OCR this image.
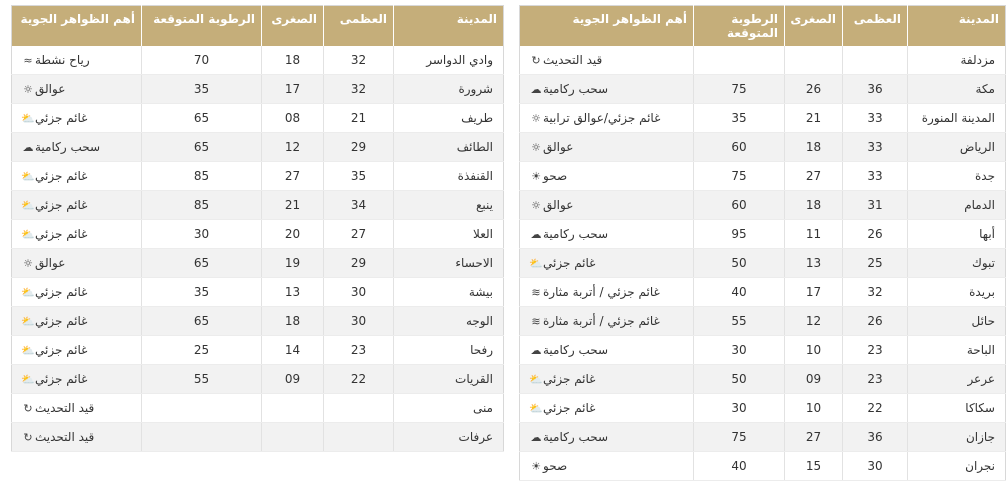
المدينة	العظمى	الصغرى	الرطوبة المتوقعة	أهم الظواهر الجوية
مزدلفة				قيد التحديث↻
مكة	36	26	75	سحب ركامية☁
المدينة المنورة	33	21	35	غائم جزئي/عوالق ترابية☼
الرياض	33	18	60	عوالق☼
جدة	33	27	75	صحو☀
الدمام	31	18	60	عوالق☼
أبها	26	11	95	سحب ركامية☁
تبوك	25	13	50	غائم جزئي⛅
بريدة	32	17	40	غائم جزئي / أتربة مثارة≋
حائل	26	12	55	غائم جزئي / أتربة مثارة≋
الباحة	23	10	30	سحب ركامية☁
عرعر	23	09	50	غائم جزئي⛅
سكاكا	22	10	30	غائم جزئي⛅
جازان	36	27	75	سحب ركامية☁
نجران	30	15	40	صحو☀
المدينة	العظمى	الصغرى	الرطوبة المتوقعة	أهم الظواهر الجوية
وادي الدواسر	32	18	70	رياح نشطة≈
شرورة	32	17	35	عوالق☼
طريف	21	08	65	غائم جزئي⛅
الطائف	29	12	65	سحب ركامية☁
القنفذة	35	27	85	غائم جزئي⛅
ينبع	34	21	85	غائم جزئي⛅
العلا	27	20	30	غائم جزئي⛅
الاحساء	29	19	65	عوالق☼
بيشة	30	13	35	غائم جزئي⛅
الوجه	30	18	65	غائم جزئي⛅
رفحا	23	14	25	غائم جزئي⛅
القريات	22	09	55	غائم جزئي⛅
منى				قيد التحديث↻
عرفات				قيد التحديث↻
